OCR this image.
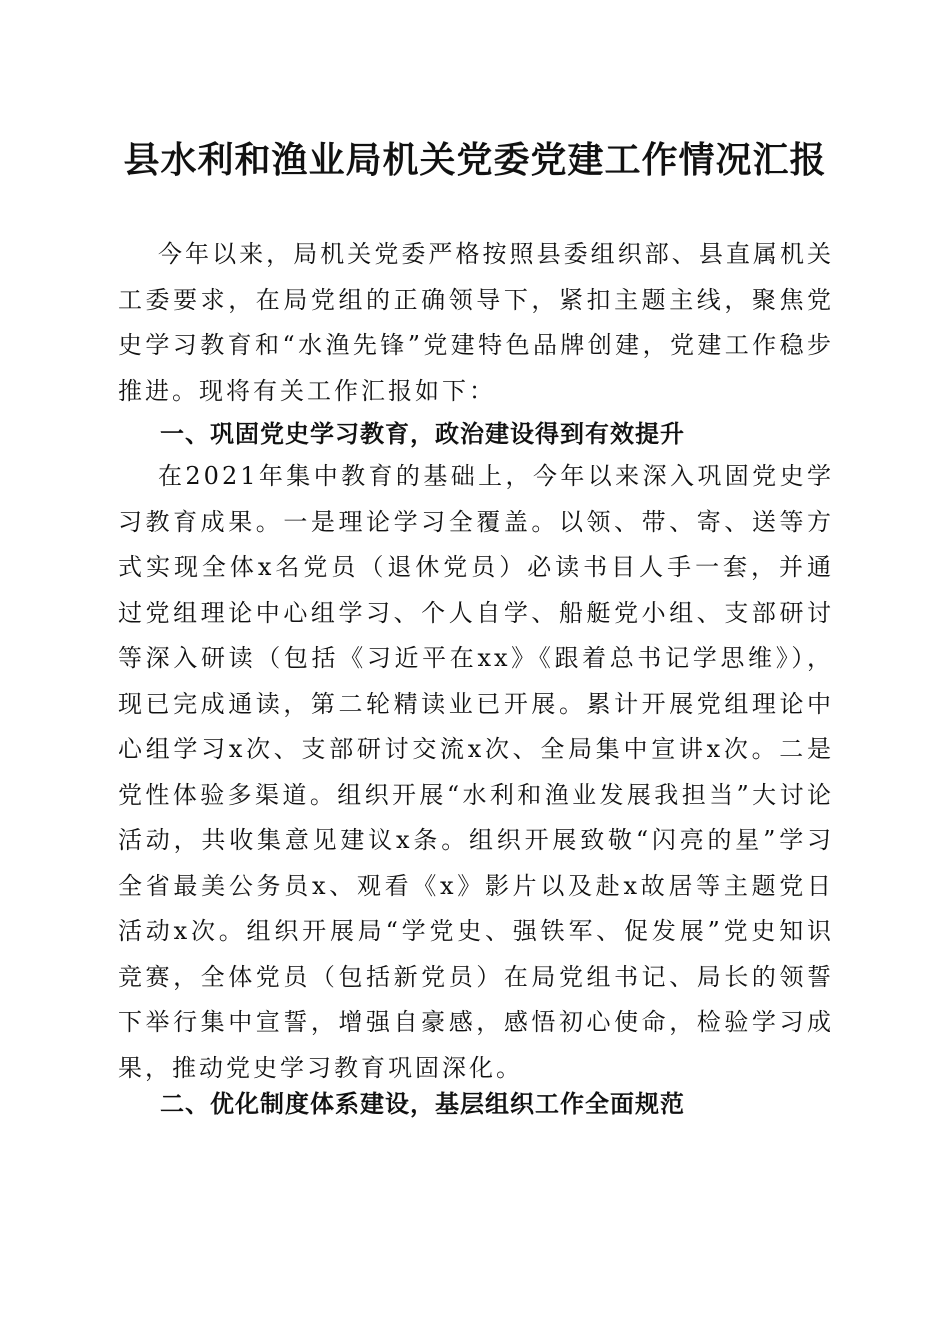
县水利和渔业局机关党委党建工作情况汇报

今年以来，局机关党委严格按照县委组织部、县直属机关工委要求，在局党组的正确领导下，紧扣主题主线，聚焦党史学习教育和“水渔先锋”党建特色品牌创建，党建工作稳步推进。现将有关工作汇报如下：

一、巩固党史学习教育，政治建设得到有效提升

在2021年集中教育的基础上，今年以来深入巩固党史学习教育成果。一是理论学习全覆盖。以领、带、寄、送等方式实现全体x名党员（退休党员）必读书目人手一套，并通过党组理论中心组学习、个人自学、船艇党小组、支部研讨等深入研读（包括《习近平在xx》《跟着总书记学思维》），现已完成通读，第二轮精读业已开展。累计开展党组理论中心组学习x次、支部研讨交流x次、全局集中宣讲x次。二是党性体验多渠道。组织开展“水利和渔业发展我担当”大讨论活动，共收集意见建议x条。组织开展致敬“闪亮的星”学习全省最美公务员x、观看《x》影片以及赴x故居等主题党日活动x次。组织开展局“学党史、强铁军、促发展”党史知识竞赛，全体党员（包括新党员）在局党组书记、局长的领誓下举行集中宣誓，增强自豪感，感悟初心使命，检验学习成果，推动党史学习教育巩固深化。

二、优化制度体系建设，基层组织工作全面规范
